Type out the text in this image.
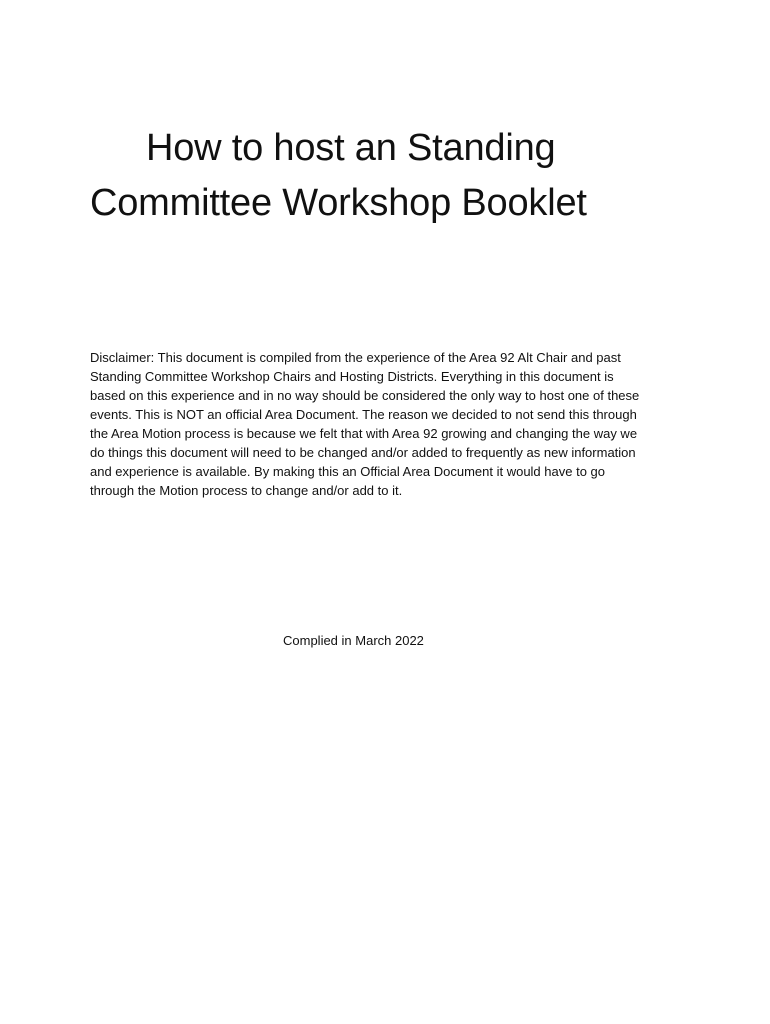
How to host an Standing
Committee Workshop Booklet

Disclaimer: This document is compiled from the experience of the Area 92 Alt Chair and past
Standing Committee Workshop Chairs and Hosting Districts. Everything in this document is
based on this experience and in no way should be considered the only way to host one of these
events. This is NOT an official Area Document. The reason we decided to not send this through
the Area Motion process is because we felt that with Area 92 growing and changing the way we
do things this document will need to be changed and/or added to frequently as new information
and experience is available. By making this an Official Area Document it would have to go
through the Motion process to change and/or add to it.

Complied in March 2022
